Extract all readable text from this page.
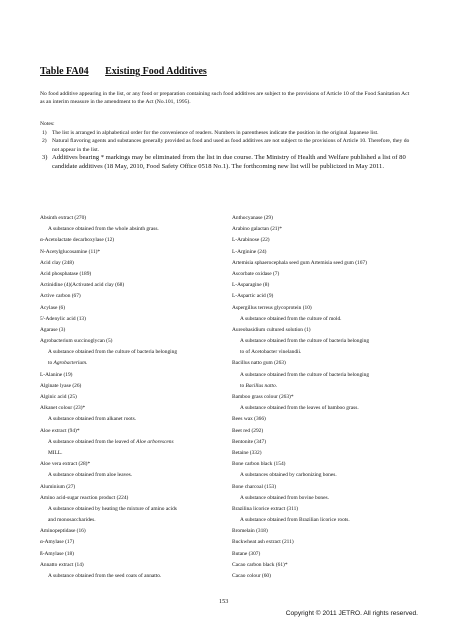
Table FA04 Existing Food Additives
No food additive appearing in the list, or any food or preparation containing such food additives are subject to the provisions of Article 10 of the Food Sanitation Act as an interim measure in the amendment to the Act (No.101, 1995).
Notes:
1) The list is arranged in alphabetical order for the convenience of readers. Numbers in parentheses indicate the position in the original Japanese list.
2) Natural flavoring agents and substances generally provided as food and used as food additives are not subject to the provisions of Article 10. Therefore, they do not appear in the list.
3) Additives bearing * markings may be eliminated from the list in due course. The Ministry of Health and Welfare published a list of 80 candidate additives (18 May, 2010, Food Safety Office 0518 No.1). The forthcoming new list will be publicized in May 2011.
Absinth extract (270)
A substance obtained from the whole absinth grass.
α-Acetolactate decarboxylase (12)
N-Acetylglucosamine (11)*
Acid clay (248)
Acid phosphatase (189)
Actinidine (4)(Activated acid clay (68)
Active carbon (67)
Acylase (6)
5'-Adenylic acid (13)
Agarase (3)
Agrobacterium succinoglycan (5)
A substance obtained from the culture of bacteria belonging
to Agrobacterium.
L-Alanine (19)
Alginate lyase (26)
Alginic acid (25)
Alkanet colour (23)*
A substance obtained from alkanet roots.
Aloe extract (94)*
A substance obtained from the leaved of Aloe arborescens
MILL.
Aloe vera extract (28)*
A substance obtained from aloe leaves.
Aluminium (27)
Amino acid-sugar reaction product (224)
A substance obtained by heating the mixture of amino acids
and monosaccharides.
Aminopeptidase (16)
α-Amylase (17)
ß-Amylase (18)
Annatto extract (14)
A substance obtained from the seed coats of annatto.
Anthocyanase (29)
Arabino galactan (21)*
L-Arabinose (22)
L-Arginine (24)
Artemisia sphaerocephala seed gum Artemisia seed gum (167)
Ascorbate oxidase (7)
L-Asparagine (8)
L-Aspartic acid (9)
Aspergillus terreus glycoprotein (10)
A substance obtained from the culture of mold.
Aureobasidium cultured solution (1)
A substance obtained from the culture of bacteria belonging
to of Acetobacter vinelandii.
Bacillus natto gum (263)
A substance obtained from the culture of bacteria belonging
to Bacillus natto.
Bamboo grass colour (263)*
A substance obtained from the leaves of bamboo grass.
Bees wax (366)
Beet red (292)
Bentonite (347)
Betaine (332)
Bone carbon black (154)
A substances obtained by carbonizing bones.
Bone charcoal (153)
A substance obtained from bovine bones.
Brazilina licorice extract (311)
A substance obtained from Brazilian licorice roots.
Bromelain (318)
Buckwheat ash extract (211)
Butane (307)
Cacao carbon black (61)*
Cacao colour (60)
153
Copyright © 2011 JETRO. All rights reserved.
